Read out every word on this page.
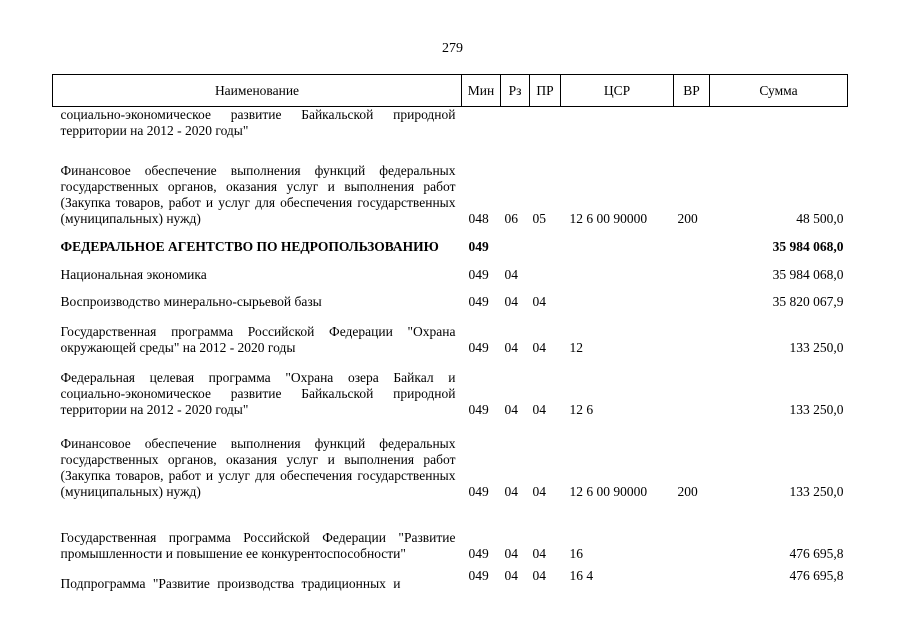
279
Наименование	Мин	Рз	ПР	ЦСР	ВР	Сумма
социально-экономическое развитие Байкальской природной территории на 2012 - 2020 годы"						
Финансовое обеспечение выполнения функций федеральных государственных органов, оказания услуг и выполнения работ (Закупка товаров, работ и услуг для обеспечения государственных (муниципальных) нужд)	048	06	05	12 6 00 90000	200	48 500,0
ФЕДЕРАЛЬНОЕ АГЕНТСТВО ПО НЕДРОПОЛЬЗОВАНИЮ	049					35 984 068,0
Национальная экономика	049	04				35 984 068,0
Воспроизводство минерально-сырьевой базы	049	04	04			35 820 067,9
Государственная программа Российской Федерации "Охрана окружающей среды" на 2012 - 2020 годы	049	04	04	12		133 250,0
Федеральная целевая программа "Охрана озера Байкал и социально-экономическое развитие Байкальской природной территории на 2012 - 2020 годы"	049	04	04	12 6		133 250,0
Финансовое обеспечение выполнения функций федеральных государственных органов, оказания услуг и выполнения работ (Закупка товаров, работ и услуг для обеспечения государственных (муниципальных) нужд)	049	04	04	12 6 00 90000	200	133 250,0
Государственная программа Российской Федерации "Развитие промышленности и повышение ее конкурентоспособности"	049	04	04	16		476 695,8
Подпрограмма "Развитие производства традиционных и	049	04	04	16 4		476 695,8
